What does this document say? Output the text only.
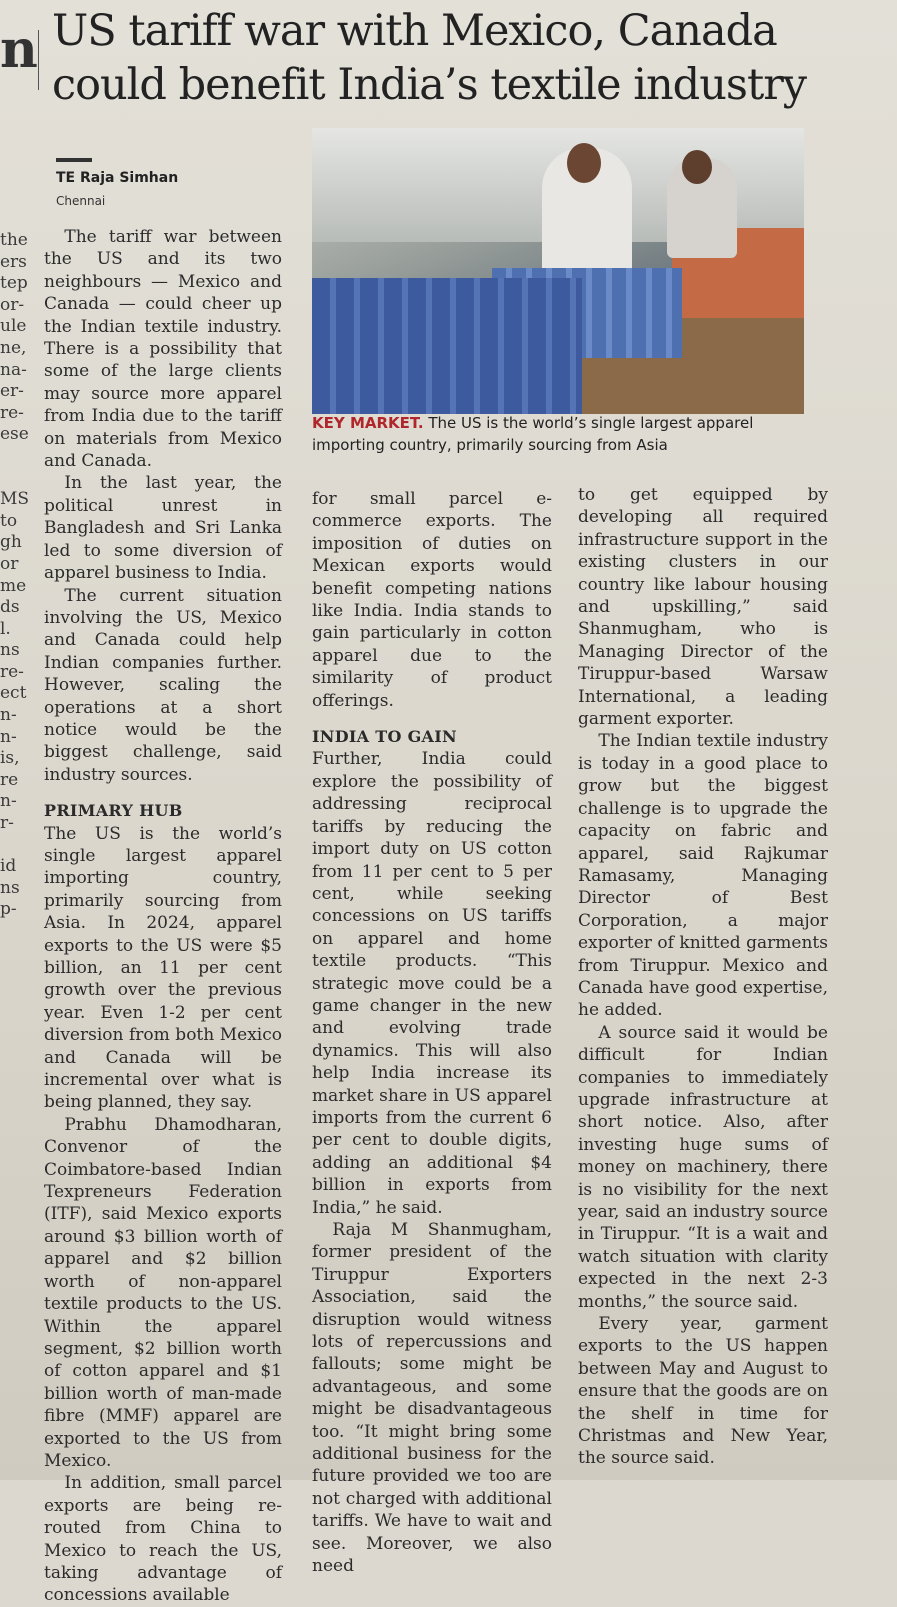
n
the
ers
tep
or-
ule
ne,
na-
er-
re-
ese

MS
to
gh
or
me
ds
l.
ns
re-
ect
n-
n-
is,
re
n-
r-

id
ns
p-
US tariff war with Mexico, Canada could benefit India’s textile industry
TE Raja Simhan
Chennai
KEY MARKET. The US is the world’s single largest apparel importing country, primarily sourcing from Asia

The tariff war between the US and its two neighbours — Mexico and Canada — could cheer up the Indian textile industry. There is a possibility that some of the large clients may source more apparel from India due to the tariff on materials from Mexico and Canada.

In the last year, the political unrest in Bangladesh and Sri Lanka led to some diversion of apparel business to India.

The current situation involving the US, Mexico and Canada could help Indian companies further. However, scaling the operations at a short notice would be the biggest challenge, said industry sources.

PRIMARY HUB

The US is the world’s single largest apparel importing country, primarily sourcing from Asia. In 2024, apparel exports to the US were $5 billion, an 11 per cent growth over the previous year. Even 1-2 per cent diversion from both Mexico and Canada will be incremental over what is being planned, they say.

Prabhu Dhamodharan, Convenor of the Coimbatore-based Indian Texpreneurs Federation (ITF), said Mexico exports around $3 billion worth of apparel and $2 billion worth of non-apparel textile products to the US. Within the apparel segment, $2 billion worth of cotton apparel and $1 billion worth of man-made fibre (MMF) apparel are exported to the US from Mexico.

In addition, small parcel exports are being re-routed from China to Mexico to reach the US, taking advantage of concessions available

for small parcel e-commerce exports. The imposition of duties on Mexican exports would benefit competing nations like India. India stands to gain particularly in cotton apparel due to the similarity of product offerings.

INDIA TO GAIN

Further, India could explore the possibility of addressing reciprocal tariffs by reducing the import duty on US cotton from 11 per cent to 5 per cent, while seeking concessions on US tariffs on apparel and home textile products. “This strategic move could be a game changer in the new and evolving trade dynamics. This will also help India increase its market share in US apparel imports from the current 6 per cent to double digits, adding an additional $4 billion in exports from India,” he said.

Raja M Shanmugham, former president of the Tiruppur Exporters Association, said the disruption would witness lots of repercussions and fallouts; some might be advantageous, and some might be disadvantageous too. “It might bring some additional business for the future provided we too are not charged with additional tariffs. We have to wait and see. Moreover, we also need

to get equipped by developing all required infrastructure support in the existing clusters in our country like labour housing and upskilling,” said Shanmugham, who is Managing Director of the Tiruppur-based Warsaw International, a leading garment exporter.

The Indian textile industry is today in a good place to grow but the biggest challenge is to upgrade the capacity on fabric and apparel, said Rajkumar Ramasamy, Managing Director of Best Corporation, a major exporter of knitted garments from Tiruppur. Mexico and Canada have good expertise, he added.

A source said it would be difficult for Indian companies to immediately upgrade infrastructure at short notice. Also, after investing huge sums of money on machinery, there is no visibility for the next year, said an industry source in Tiruppur. “It is a wait and watch situation with clarity expected in the next 2-3 months,” the source said.

Every year, garment exports to the US happen between May and August to ensure that the goods are on the shelf in time for Christmas and New Year, the source said.
